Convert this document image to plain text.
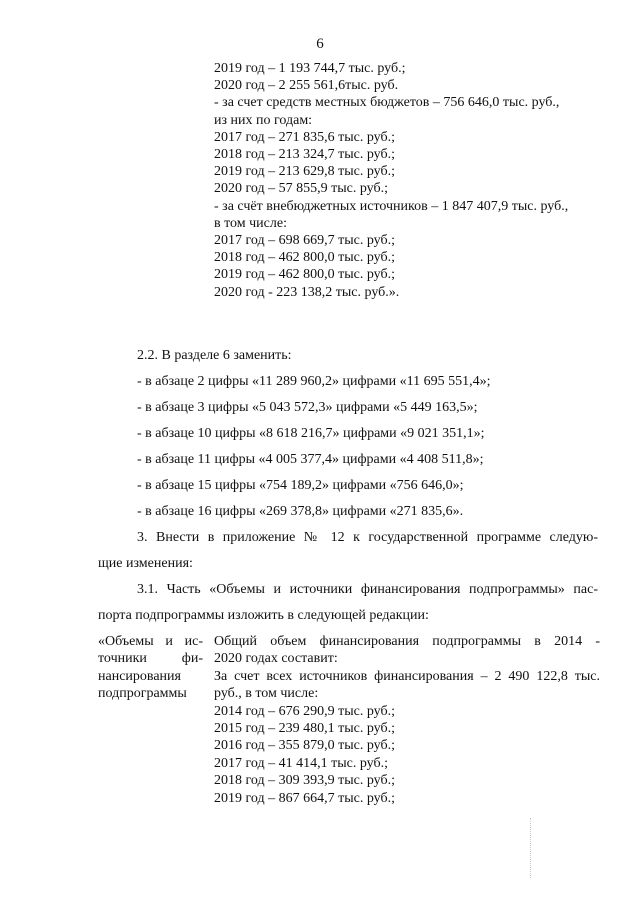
6
2019 год – 1 193 744,7 тыс. руб.;
2020 год – 2 255 561,6тыс. руб.
- за счет средств местных бюджетов – 756 646,0 тыс. руб.,
из них по годам:
2017 год – 271 835,6 тыс. руб.;
2018 год – 213 324,7 тыс. руб.;
2019 год – 213 629,8 тыс. руб.;
2020 год – 57 855,9 тыс. руб.;
- за счёт внебюджетных источников – 1 847 407,9 тыс. руб.,
в том числе:
2017 год – 698 669,7 тыс. руб.;
2018 год – 462 800,0 тыс. руб.;
2019 год – 462 800,0 тыс. руб.;
2020 год - 223 138,2 тыс. руб.».
2.2. В разделе 6 заменить:
- в абзаце 2 цифры «11 289 960,2» цифрами «11 695 551,4»;
- в абзаце 3 цифры «5 043 572,3» цифрами «5 449 163,5»;
- в абзаце 10 цифры «8 618 216,7» цифрами «9 021 351,1»;
- в абзаце 11 цифры «4 005 377,4» цифрами «4 408 511,8»;
- в абзаце 15 цифры «754 189,2» цифрами «756 646,0»;
- в абзаце 16 цифры «269 378,8» цифрами «271 835,6».
3. Внести в приложение № 12 к государственной программе следую-
щие изменения:
3.1. Часть «Объемы и источники финансирования подпрограммы» пас-
порта подпрограммы изложить в следующей редакции:
«Объемы и ис-
точники фи-
нансирования
подпрограммы
Общий объем финансирования подпрограммы в 2014 -
2020 годах составит:
За счет всех источников финансирования – 2 490 122,8 тыс.
руб., в том числе:
2014 год – 676 290,9 тыс. руб.;
2015 год – 239 480,1 тыс. руб.;
2016 год – 355 879,0 тыс. руб.;
2017 год – 41 414,1 тыс. руб.;
2018 год – 309 393,9 тыс. руб.;
2019 год – 867 664,7 тыс. руб.;
